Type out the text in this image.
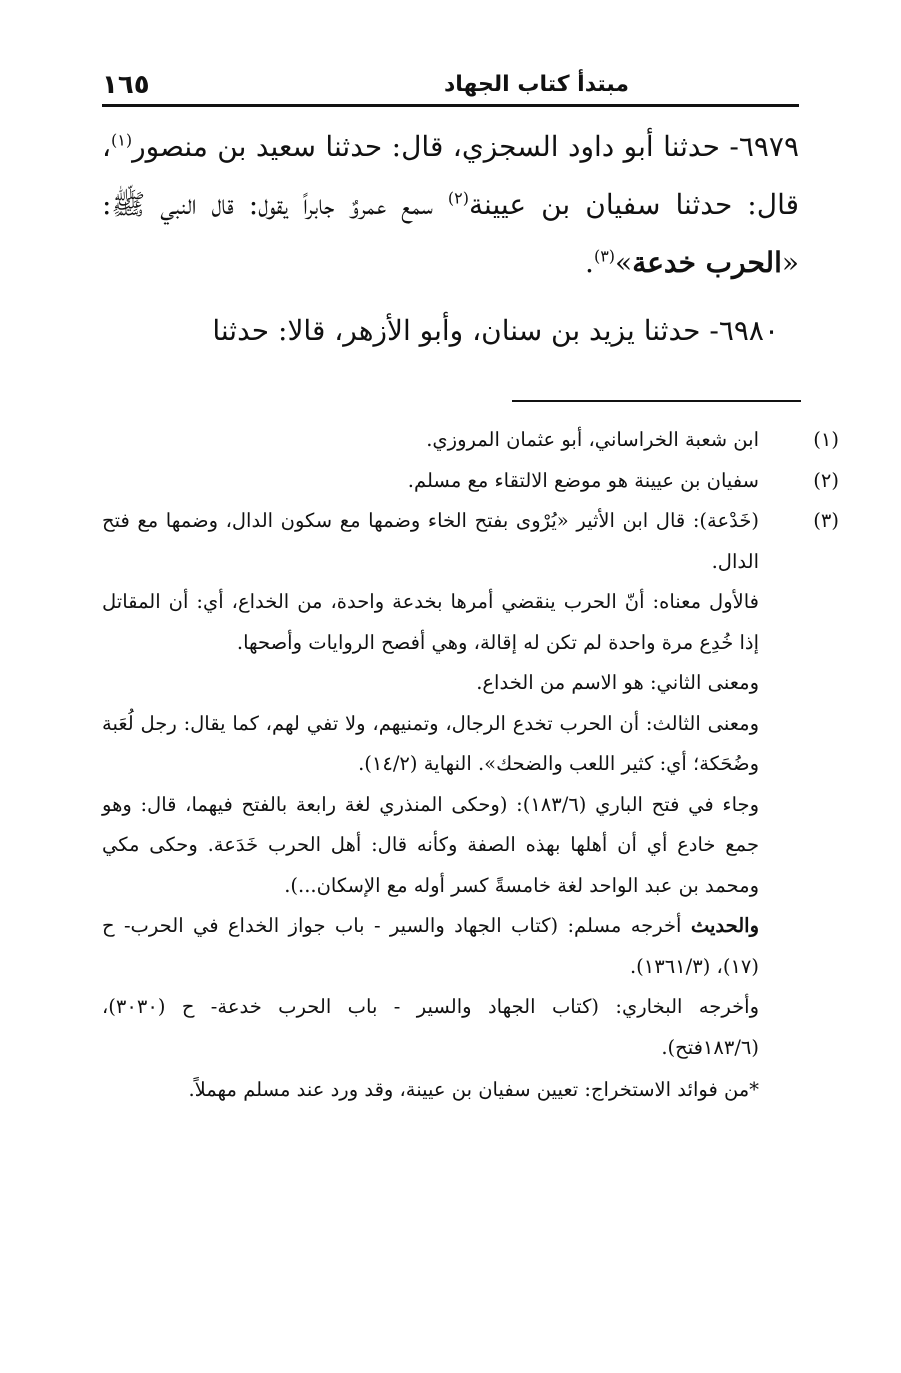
مبتدأ كتاب الجهاد
١٦٥

٦٩٧٩- حدثنا أبو داود السجزي، قال: حدثنا سعيد بن منصور$^{(١)}$، قال: حدثنا سفيان بن عيينة$^{(٢)}$ سمع عمروٌ جابراً يقول: قال النبي ﷺ: «الحرب خدعة»$^{(٣)}$.

٦٩٨٠- حدثنا يزيد بن سنان، وأبو الأزهر، قالا: حدثنا

(١)ابن شعبة الخراساني، أبو عثمان المروزي.

(٢)سفيان بن عيينة هو موضع الالتقاء مع مسلم.

(٣)(خَدْعة): قال ابن الأثير «يُرْوى بفتح الخاء وضمها مع سكون الدال، وضمها مع فتح الدال.

فالأول معناه: أنّ الحرب ينقضي أمرها بخدعة واحدة، من الخداع، أي: أن المقاتل إذا خُدِع مرة واحدة لم تكن له إقالة، وهي أفصح الروايات وأصحها.

ومعنى الثاني: هو الاسم من الخداع.

ومعنى الثالث: أن الحرب تخدع الرجال، وتمنيهم، ولا تفي لهم، كما يقال: رجل لُعَبة وضُحَكة؛ أي: كثير اللعب والضحك». النهاية (١٤/٢).

وجاء في فتح الباري (١٨٣/٦): (وحكى المنذري لغة رابعة بالفتح فيهما، قال: وهو جمع خادع أي أن أهلها بهذه الصفة وكأنه قال: أهل الحرب خَدَعة. وحكى مكي ومحمد بن عبد الواحد لغة خامسةً كسر أوله مع الإسكان...).

والحديث أخرجه مسلم: (كتاب الجهاد والسير - باب جواز الخداع في الحرب- ح (١٧)، (١٣٦١/٣).

وأخرجه البخاري: (كتاب الجهاد والسير - باب الحرب خدعة- ح (٣٠٣٠)، (١٨٣/٦فتح).

*من فوائد الاستخراج: تعيين سفيان بن عيينة، وقد ورد عند مسلم مهملاً.
